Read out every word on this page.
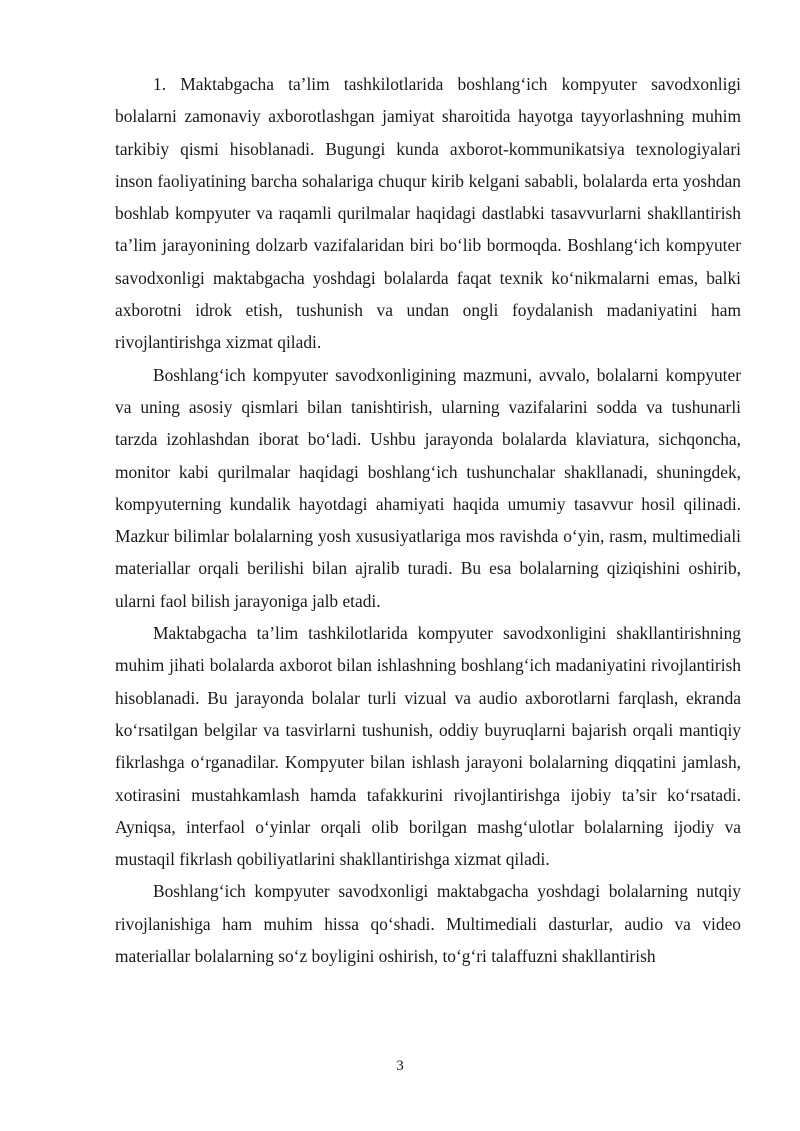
1. Maktabgacha ta’lim tashkilotlarida boshlang‘ich kompyuter savodxonligi bolalarni zamonaviy axborotlashgan jamiyat sharoitida hayotga tayyorlashning muhim tarkibiy qismi hisoblanadi. Bugungi kunda axborot-kommunikatsiya texnologiyalari inson faoliyatining barcha sohalariga chuqur kirib kelgani sababli, bolalarda erta yoshdan boshlab kompyuter va raqamli qurilmalar haqidagi dastlabki tasavvurlarni shakllantirish ta’lim jarayonining dolzarb vazifalaridan biri bo‘lib bormoqda. Boshlang‘ich kompyuter savodxonligi maktabgacha yoshdagi bolalarda faqat texnik ko‘nikmalarni emas, balki axborotni idrok etish, tushunish va undan ongli foydalanish madaniyatini ham rivojlantirishga xizmat qiladi.

Boshlang‘ich kompyuter savodxonligining mazmuni, avvalo, bolalarni kompyuter va uning asosiy qismlari bilan tanishtirish, ularning vazifalarini sodda va tushunarli tarzda izohlashdan iborat bo‘ladi. Ushbu jarayonda bolalarda klaviatura, sichqoncha, monitor kabi qurilmalar haqidagi boshlang‘ich tushunchalar shakllanadi, shuningdek, kompyuterning kundalik hayotdagi ahamiyati haqida umumiy tasavvur hosil qilinadi. Mazkur bilimlar bolalarning yosh xususiyatlariga mos ravishda o‘yin, rasm, multimediali materiallar orqali berilishi bilan ajralib turadi. Bu esa bolalarning qiziqishini oshirib, ularni faol bilish jarayoniga jalb etadi.

Maktabgacha ta’lim tashkilotlarida kompyuter savodxonligini shakllantirishning muhim jihati bolalarda axborot bilan ishlashning boshlang‘ich madaniyatini rivojlantirish hisoblanadi. Bu jarayonda bolalar turli vizual va audio axborotlarni farqlash, ekranda ko‘rsatilgan belgilar va tasvirlarni tushunish, oddiy buyruqlarni bajarish orqali mantiqiy fikrlashga o‘rganadilar. Kompyuter bilan ishlash jarayoni bolalarning diqqatini jamlash, xotirasini mustahkamlash hamda tafakkurini rivojlantirishga ijobiy ta’sir ko‘rsatadi. Ayniqsa, interfaol o‘yinlar orqali olib borilgan mashg‘ulotlar bolalarning ijodiy va mustaqil fikrlash qobiliyatlarini shakllantirishga xizmat qiladi.

Boshlang‘ich kompyuter savodxonligi maktabgacha yoshdagi bolalarning nutqiy rivojlanishiga ham muhim hissa qo‘shadi. Multimediali dasturlar, audio va video materiallar bolalarning so‘z boyligini oshirish, to‘g‘ri talaffuzni shakllantirish

3
